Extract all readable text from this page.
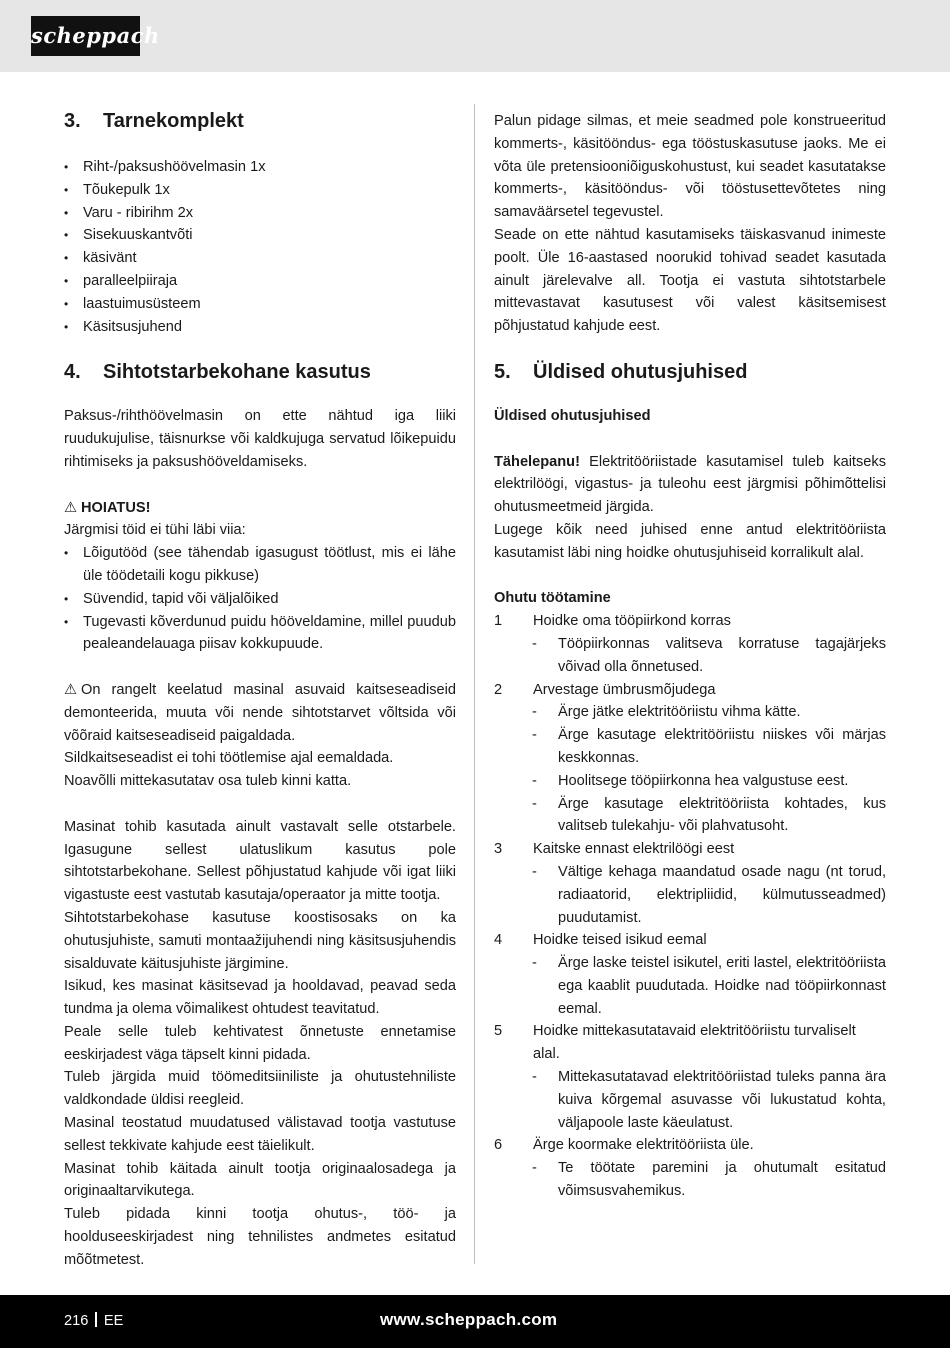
scheppach
3. Tarnekomplekt
• Riht-/paksushöövelmasin 1x
• Tõukepulk 1x
• Varu - ribirihm 2x
• Sisekuuskantvõti
• käsivänt
• paralleelpiiraja
• laastuimusüsteem
• Käsitsusjuhend
4. Sihtotstarbekohane kasutus

Paksus-/rihthöövelmasin on ette nähtud iga liiki ruudukujulise, täisnurkse või kaldkujuga servatud lõikepuidu rihtimiseks ja paksushööveldamiseks.

⚠ HOIATUS!

Järgmisi töid ei tühi läbi viia:

• Lõigutööd (see tähendab igasugust töötlust, mis ei lähe üle töödetaili kogu pikkuse)
• Süvendid, tapid või väljalõiked
• Tugevasti kõverdunud puidu hööveldamine, millel puudub pealeandelauaga piisav kokkupuude.

⚠ On rangelt keelatud masinal asuvaid kaitseseadiseid demonteerida, muuta või nende sihtotstarvet võltsida või võõraid kaitseseadiseid paigaldada.

Sildkaitseseadist ei tohi töötlemise ajal eemaldada.

Noavõlli mittekasutatav osa tuleb kinni katta.

Masinat tohib kasutada ainult vastavalt selle otstarbele. Igasugune sellest ulatuslikum kasutus pole sihtotstarbekohane. Sellest põhjustatud kahjude või igat liiki vigastuste eest vastutab kasutaja/operaator ja mitte tootja.

Sihtotstarbekohase kasutuse koostisosaks on ka ohutusjuhiste, samuti montaažijuhendi ning käsitsusjuhendis sisalduvate käitusjuhiste järgimine.

Isikud, kes masinat käsitsevad ja hooldavad, peavad seda tundma ja olema võimalikest ohtudest teavitatud.

Peale selle tuleb kehtivatest õnnetuste ennetamise eeskirjadest väga täpselt kinni pidada.

Tuleb järgida muid töömeditsiiniliste ja ohutustehniliste valdkondade üldisi reegleid.

Masinal teostatud muudatused välistavad tootja vastutuse sellest tekkivate kahjude eest täielikult.

Masinat tohib käitada ainult tootja originaalosadega ja originaaltarvikutega.

Tuleb pidada kinni tootja ohutus-, töö- ja hoolduseeskirjadest ning tehnilistes andmetes esitatud mõõtmetest.

Palun pidage silmas, et meie seadmed pole konstrueeritud kommerts-, käsitööndus- ega tööstuskasutuse jaoks. Me ei võta üle pretensiooniõiguskohustust, kui seadet kasutatakse kommerts-, käsitööndus- või tööstusettevõtetes ning samaväärsetel tegevustel.

Seade on ette nähtud kasutamiseks täiskasvanud inimeste poolt. Üle 16-aastased noorukid tohivad seadet kasutada ainult järelevalve all. Tootja ei vastuta sihtotstarbele mittevastavat kasutusest või valest käsitsemisest põhjustatud kahjude eest.

5. Üldised ohutusjuhised

Üldised ohutusjuhised

Tähelepanu! Elektritööriistade kasutamisel tuleb kaitseks elektrilöögi, vigastus- ja tuleohu eest järgmisi põhimõttelisi ohutusmeetmeid järgida.

Lugege kõik need juhised enne antud elektritööriista kasutamist läbi ning hoidke ohutusjuhiseid korralikult alal.

Ohutu töötamine

1 Hoidke oma tööpiirkond korras
- Tööpiirkonnas valitseva korratuse tagajärjeks võivad olla õnnetused.
2 Arvestage ümbrusmõjudega
- Ärge jätke elektritööriistu vihma kätte.
- Ärge kasutage elektritööriistu niiskes või märjas keskkonnas.
- Hoolitsege tööpiirkonna hea valgustuse eest.
- Ärge kasutage elektritööriista kohtades, kus valitseb tulekahju- või plahvatusoht.
3 Kaitske ennast elektrilöögi eest
- Vältige kehaga maandatud osade nagu (nt torud, radiaatorid, elektripliidid, külmutusseadmed) puudutamist.
4 Hoidke teised isikud eemal
- Ärge laske teistel isikutel, eriti lastel, elektritööriista ega kaablit puudutada. Hoidke nad tööpiirkonnast eemal.
5 Hoidke mittekasutatavaid elektritööriistu turvaliselt alal.
- Mittekasutatavad elektritööriistad tuleks panna ära kuiva kõrgemal asuvasse või lukustatud kohta, väljapoole laste käeulatust.
6 Ärge koormake elektritööriista üle.
- Te töötate paremini ja ohutumalt esitatud võimsusvahemikus.
216 EE	www.scheppach.com
